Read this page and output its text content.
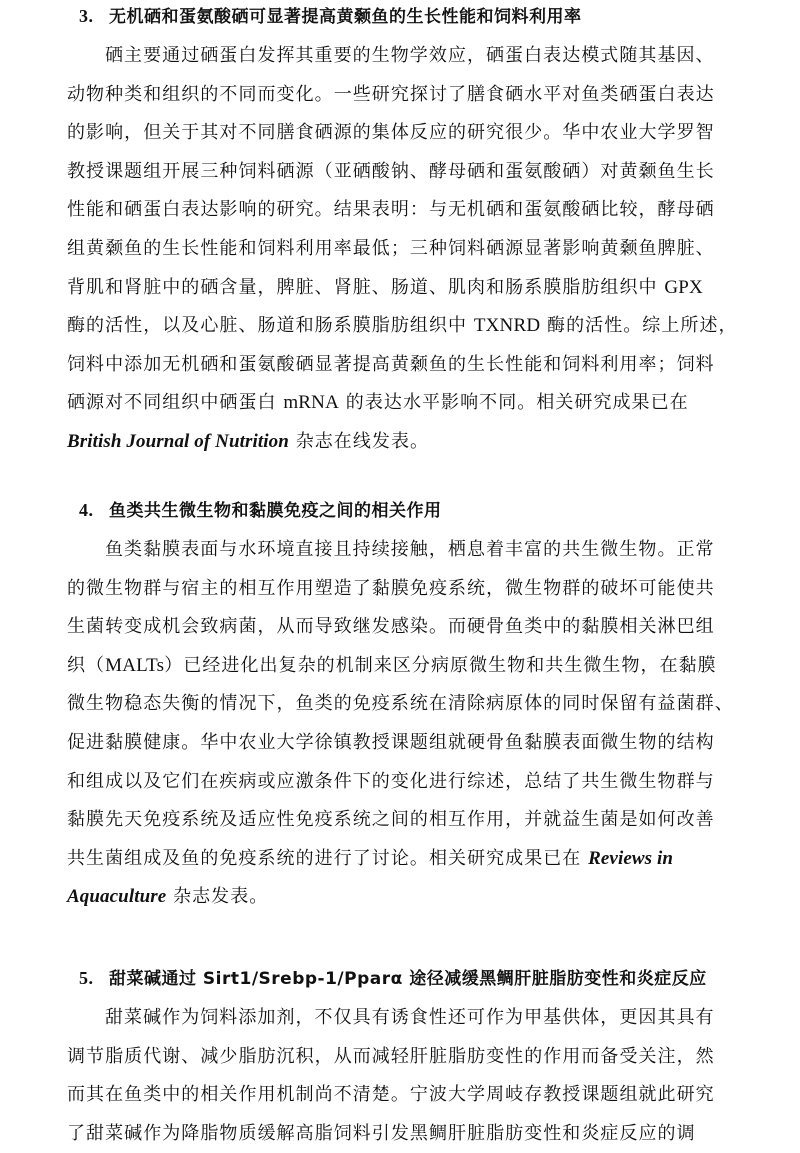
3. 无机硒和蛋氨酸硒可显著提高黄颡鱼的生长性能和饲料利用率
硒主要通过硒蛋白发挥其重要的生物学效应，硒蛋白表达模式随其基因、
动物种类和组织的不同而变化。一些研究探讨了膳食硒水平对鱼类硒蛋白表达
的影响，但关于其对不同膳食硒源的集体反应的研究很少。华中农业大学罗智
教授课题组开展三种饲料硒源（亚硒酸钠、酵母硒和蛋氨酸硒）对黄颡鱼生长
性能和硒蛋白表达影响的研究。结果表明：与无机硒和蛋氨酸硒比较，酵母硒
组黄颡鱼的生长性能和饲料利用率最低；三种饲料硒源显著影响黄颡鱼脾脏、
背肌和肾脏中的硒含量，脾脏、肾脏、肠道、肌肉和肠系膜脂肪组织中 GPX
酶的活性，以及心脏、肠道和肠系膜脂肪组织中 TXNRD 酶的活性。综上所述，
饲料中添加无机硒和蛋氨酸硒显著提高黄颡鱼的生长性能和饲料利用率；饲料
硒源对不同组织中硒蛋白 mRNA 的表达水平影响不同。相关研究成果已在
British Journal of Nutrition 杂志在线发表。
4. 鱼类共生微生物和黏膜免疫之间的相关作用
鱼类黏膜表面与水环境直接且持续接触，栖息着丰富的共生微生物。正常
的微生物群与宿主的相互作用塑造了黏膜免疫系统，微生物群的破坏可能使共
生菌转变成机会致病菌，从而导致继发感染。而硬骨鱼类中的黏膜相关淋巴组
织（MALTs）已经进化出复杂的机制来区分病原微生物和共生微生物，在黏膜
微生物稳态失衡的情况下，鱼类的免疫系统在清除病原体的同时保留有益菌群、
促进黏膜健康。华中农业大学徐镇教授课题组就硬骨鱼黏膜表面微生物的结构
和组成以及它们在疾病或应激条件下的变化进行综述，总结了共生微生物群与
黏膜先天免疫系统及适应性免疫系统之间的相互作用，并就益生菌是如何改善
共生菌组成及鱼的免疫系统的进行了讨论。相关研究成果已在 Reviews in
Aquaculture 杂志发表。
5. 甜菜碱通过 Sirt1/Srebp-1/Pparα 途径减缓黑鲷肝脏脂肪变性和炎症反应
甜菜碱作为饲料添加剂，不仅具有诱食性还可作为甲基供体，更因其具有
调节脂质代谢、减少脂肪沉积，从而减轻肝脏脂肪变性的作用而备受关注，然
而其在鱼类中的相关作用机制尚不清楚。宁波大学周岐存教授课题组就此研究
了甜菜碱作为降脂物质缓解高脂饲料引发黑鲷肝脏脂肪变性和炎症反应的调
